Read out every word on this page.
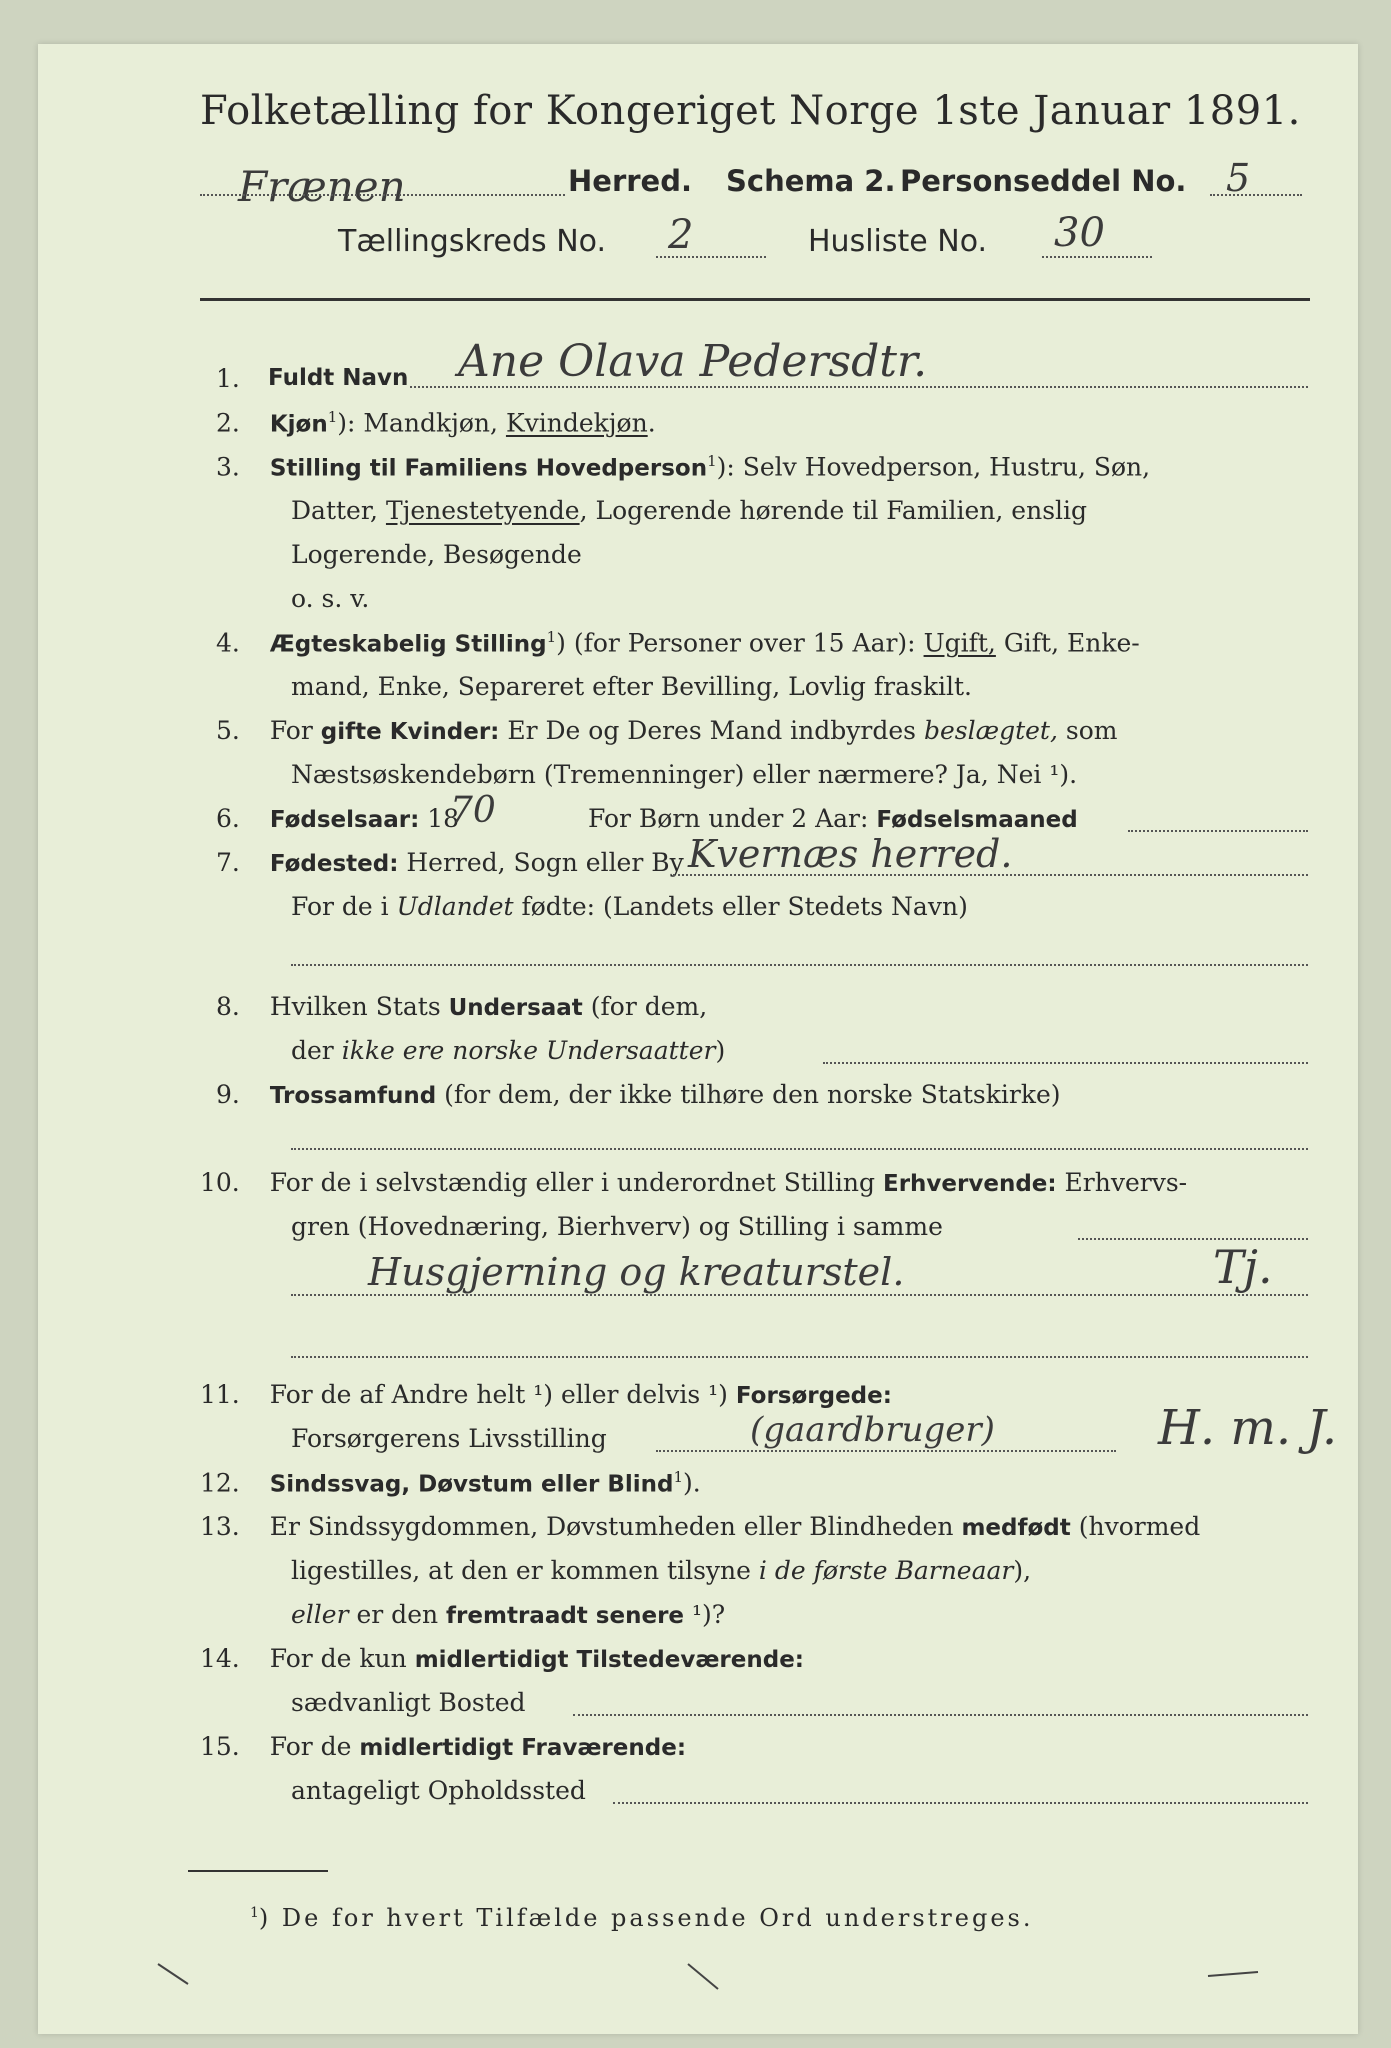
Folketælling for Kongeriget Norge 1ste Januar 1891.
Frænen	Herred. Schema 2. Personseddel No. 5
Tællingskreds No. 2	Husliste No. 30
1. Fuldt Navn Ane Olava Pedersdtr.
2. Kjøn$^1$): Mandkjøn, Kvindekjøn.
3. Stilling til Familiens Hovedperson$^1$): Selv Hovedperson, Hustru, Søn,
Datter, Tjenestetyende, Logerende hørende til Familien, enslig
Logerende, Besøgende
o. s. v.
4. Ægteskabelig Stilling$^1$) (for Personer over 15 Aar): Ugift, Gift, Enke-
mand, Enke, Separeret efter Bevilling, Lovlig fraskilt.
5. For gifte Kvinder: Er De og Deres Mand indbyrdes beslægtet, som
Næstsøskendebørn (Tremenninger) eller nærmere? Ja, Nei ¹).
6. Fødselsaar: 18
70	For Børn under 2 Aar: Fødselsmaaned
7. Fødested: Herred, Sogn eller By Kvernæs herred.
For de i Udlandet fødte: (Landets eller Stedets Navn)
8. Hvilken Stats Undersaat (for dem,
der ikke ere norske Undersaatter)
9. Trossamfund (for dem, der ikke tilhøre den norske Statskirke)
10. For de i selvstændig eller i underordnet Stilling Erhvervende: Erhvervs-
gren (Hovednæring, Bierhverv) og Stilling i samme
Husgjerning og kreaturstel.	Tj.
11. For de af Andre helt ¹) eller delvis ¹) Forsørgede:
Forsørgerens Livsstilling	(gaardbruger)	H. m. J.
12. Sindssvag, Døvstum eller Blind$^1$).
13. Er Sindssygdommen, Døvstumheden eller Blindheden medfødt (hvormed
ligestilles, at den er kommen tilsyne i de første Barneaar),
eller er den fremtraadt senere ¹)?
14. For de kun midlertidigt Tilstedeværende:
sædvanligt Bosted
15. For de midlertidigt Fraværende:
antageligt Opholdssted
$^1$) De for hvert Tilfælde passende Ord understreges.
